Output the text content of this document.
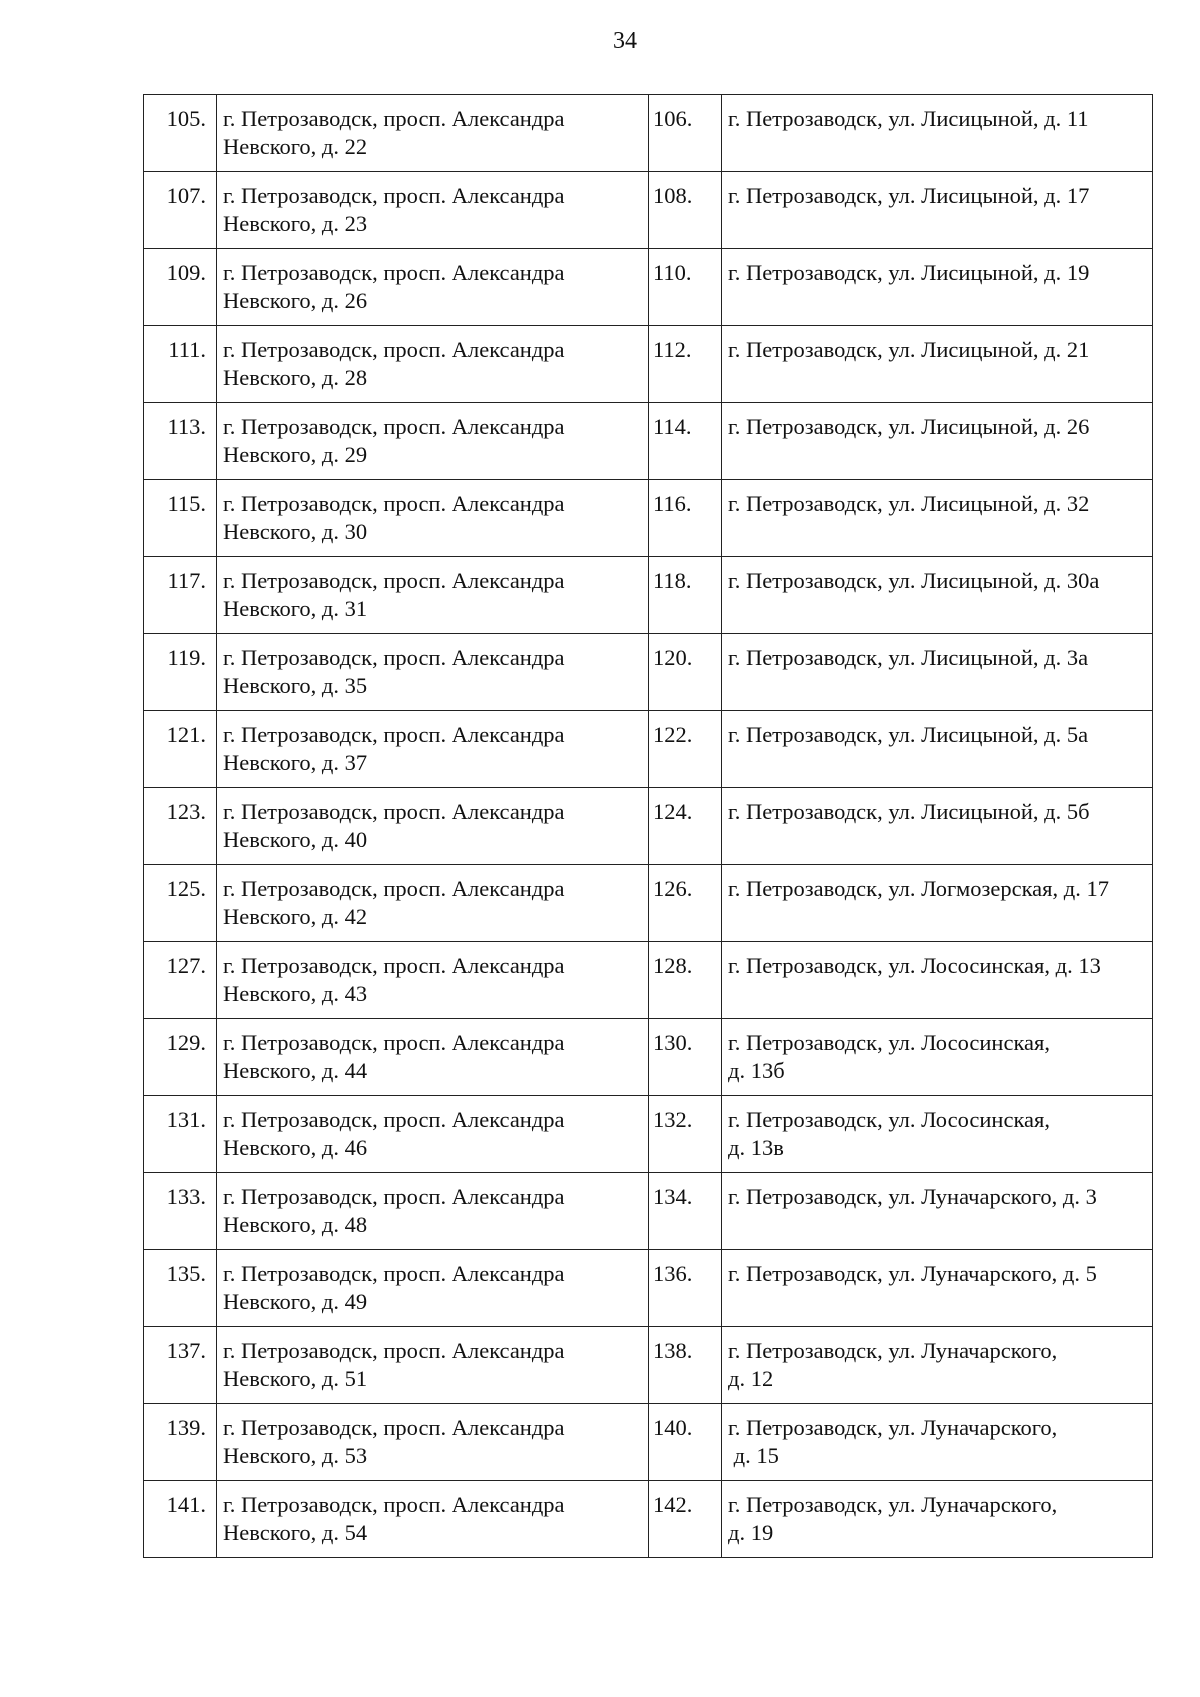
34
105.	г. Петрозаводск, просп. Александра
Невского, д. 22	106.	г. Петрозаводск, ул. Лисицыной, д. 11
107.	г. Петрозаводск, просп. Александра
Невского, д. 23	108.	г. Петрозаводск, ул. Лисицыной, д. 17
109.	г. Петрозаводск, просп. Александра
Невского, д. 26	110.	г. Петрозаводск, ул. Лисицыной, д. 19
111.	г. Петрозаводск, просп. Александра
Невского, д. 28	112.	г. Петрозаводск, ул. Лисицыной, д. 21
113.	г. Петрозаводск, просп. Александра
Невского, д. 29	114.	г. Петрозаводск, ул. Лисицыной, д. 26
115.	г. Петрозаводск, просп. Александра
Невского, д. 30	116.	г. Петрозаводск, ул. Лисицыной, д. 32
117.	г. Петрозаводск, просп. Александра
Невского, д. 31	118.	г. Петрозаводск, ул. Лисицыной, д. 30а
119.	г. Петрозаводск, просп. Александра
Невского, д. 35	120.	г. Петрозаводск, ул. Лисицыной, д. 3а
121.	г. Петрозаводск, просп. Александра
Невского, д. 37	122.	г. Петрозаводск, ул. Лисицыной, д. 5а
123.	г. Петрозаводск, просп. Александра
Невского, д. 40	124.	г. Петрозаводск, ул. Лисицыной, д. 5б
125.	г. Петрозаводск, просп. Александра
Невского, д. 42	126.	г. Петрозаводск, ул. Логмозерская, д. 17
127.	г. Петрозаводск, просп. Александра
Невского, д. 43	128.	г. Петрозаводск, ул. Лососинская, д. 13
129.	г. Петрозаводск, просп. Александра
Невского, д. 44	130.	г. Петрозаводск, ул. Лососинская,
д. 13б
131.	г. Петрозаводск, просп. Александра
Невского, д. 46	132.	г. Петрозаводск, ул. Лососинская,
д. 13в
133.	г. Петрозаводск, просп. Александра
Невского, д. 48	134.	г. Петрозаводск, ул. Луначарского, д. 3
135.	г. Петрозаводск, просп. Александра
Невского, д. 49	136.	г. Петрозаводск, ул. Луначарского, д. 5
137.	г. Петрозаводск, просп. Александра
Невского, д. 51	138.	г. Петрозаводск, ул. Луначарского,
д. 12
139.	г. Петрозаводск, просп. Александра
Невского, д. 53	140.	г. Петрозаводск, ул. Луначарского,
д. 15
141.	г. Петрозаводск, просп. Александра
Невского, д. 54	142.	г. Петрозаводск, ул. Луначарского,
д. 19
